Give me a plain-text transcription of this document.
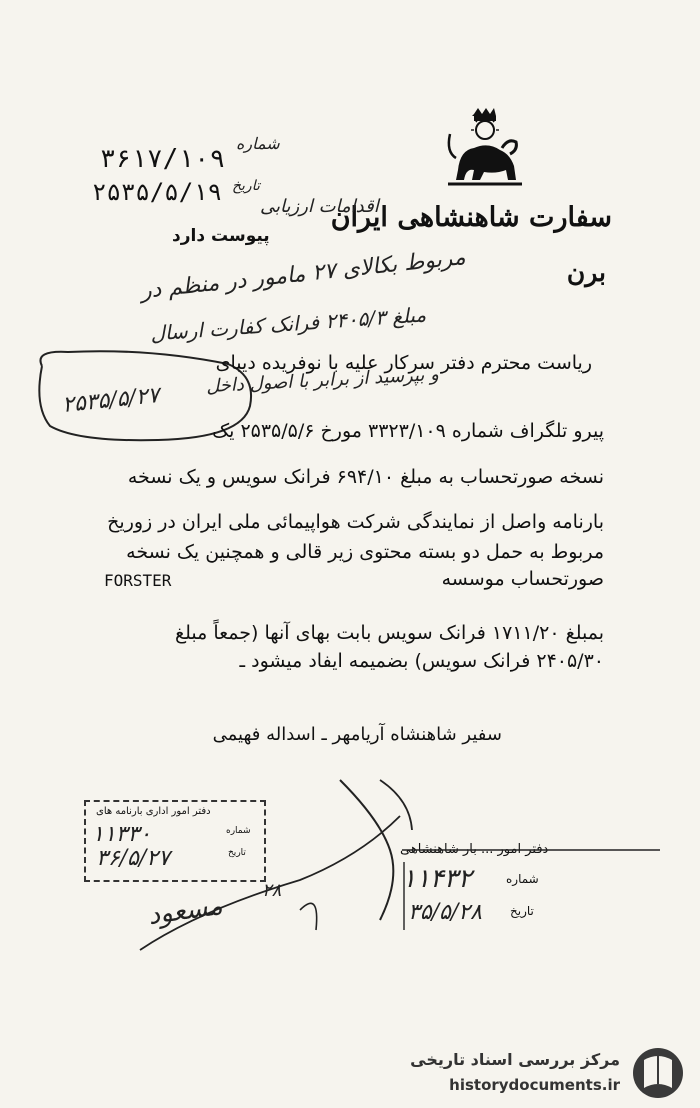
شماره
۳۶۱۷/۱۰۹
تاریخ
۲۵۳۵/۵/۱۹
سفارت شاهنشاهی ایران
اقدامات ارزیابی
پیوست دارد
برن
مربوط بکالای ۲۷ مامور در منظم در
مبلغ ۲۴۰۵/۳ فرانک کفارت ارسال
و بپرسید از برابر با اصول داخل
۲۵۳۵/۵/۲۷
ریاست محترم دفتر سرکار علیه با نوفریده دیبای
پیرو تلگراف شماره ۳۳۲۳/۱۰۹ مورخ ۲۵۳۵/۵/۶ یک
نسخه صورتحساب به مبلغ ۶۹۴/۱۰ فرانک سویس و یک نسخه
بارنامه واصل از نمایندگی شرکت هواپیمائی ملی ایران در زوریخ
مربوط به حمل دو بسته محتوی زیر قالی و همچنین یک نسخه
FORSTER	صورتحساب موسسه
بمبلغ ۱۷۱۱/۲۰ فرانک سویس بابت بهای آنها (جمعاً مبلغ
۲۴۰۵/۳۰ فرانک سویس) بضمیمه ایفاد میشود ـ
سفیر شاهنشاه آریامهر ـ اسداله فهیمی
دفتر امور اداری بارنامه های
شماره
تاریخ
۱۱۳۳۰
۳۶/۵/۲۷	دفتر امور ... بار شاهنشاهی
شماره
تاریخ
۱۱۴۳۲
۳۵/۵/۲۸
مسعود
۲۸
مرکز بررسی اسناد تاریخی
historydocuments.ir
